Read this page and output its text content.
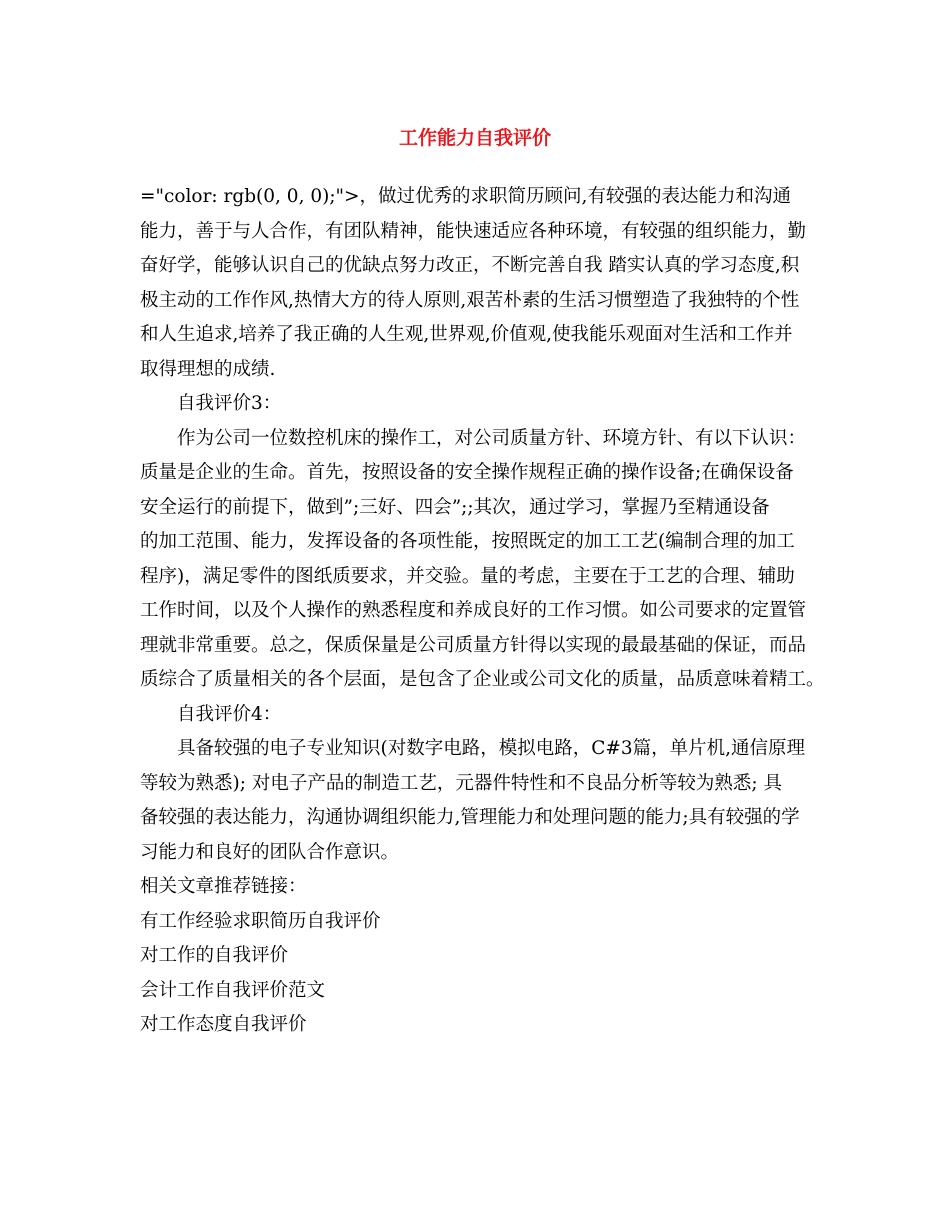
工作能力自我评价
="color: rgb(0, 0, 0);">，做过优秀的求职简历顾问,有较强的表达能力和沟通
能力，善于与人合作，有团队精神，能快速适应各种环境，有较强的组织能力，勤
奋好学，能够认识自己的优缺点努力改正，不断完善自我 踏实认真的学习态度,积
极主动的工作作风,热情大方的待人原则,艰苦朴素的生活习惯塑造了我独特的个性
和人生追求,培养了我正确的人生观,世界观,价值观,使我能乐观面对生活和工作并
取得理想的成绩.
自我评价3：
作为公司一位数控机床的操作工，对公司质量方针、环境方针、有以下认识：
质量是企业的生命。首先，按照设备的安全操作规程正确的操作设备;在确保设备
安全运行的前提下，做到”;三好、四会”;;其次，通过学习，掌握乃至精通设备
的加工范围、能力，发挥设备的各项性能，按照既定的加工工艺(编制合理的加工
程序)，满足零件的图纸质要求，并交验。量的考虑，主要在于工艺的合理、辅助
工作时间，以及个人操作的熟悉程度和养成良好的工作习惯。如公司要求的定置管
理就非常重要。总之，保质保量是公司质量方针得以实现的最最基础的保证，而品
质综合了质量相关的各个层面，是包含了企业或公司文化的质量，品质意味着精工。
自我评价4：
具备较强的电子专业知识(对数字电路，模拟电路，C#3篇，单片机,通信原理
等较为熟悉); 对电子产品的制造工艺，元器件特性和不良品分析等较为熟悉; 具
备较强的表达能力，沟通协调组织能力,管理能力和处理问题的能力;具有较强的学
习能力和良好的团队合作意识。
相关文章推荐链接：
有工作经验求职简历自我评价
对工作的自我评价
会计工作自我评价范文
对工作态度自我评价
